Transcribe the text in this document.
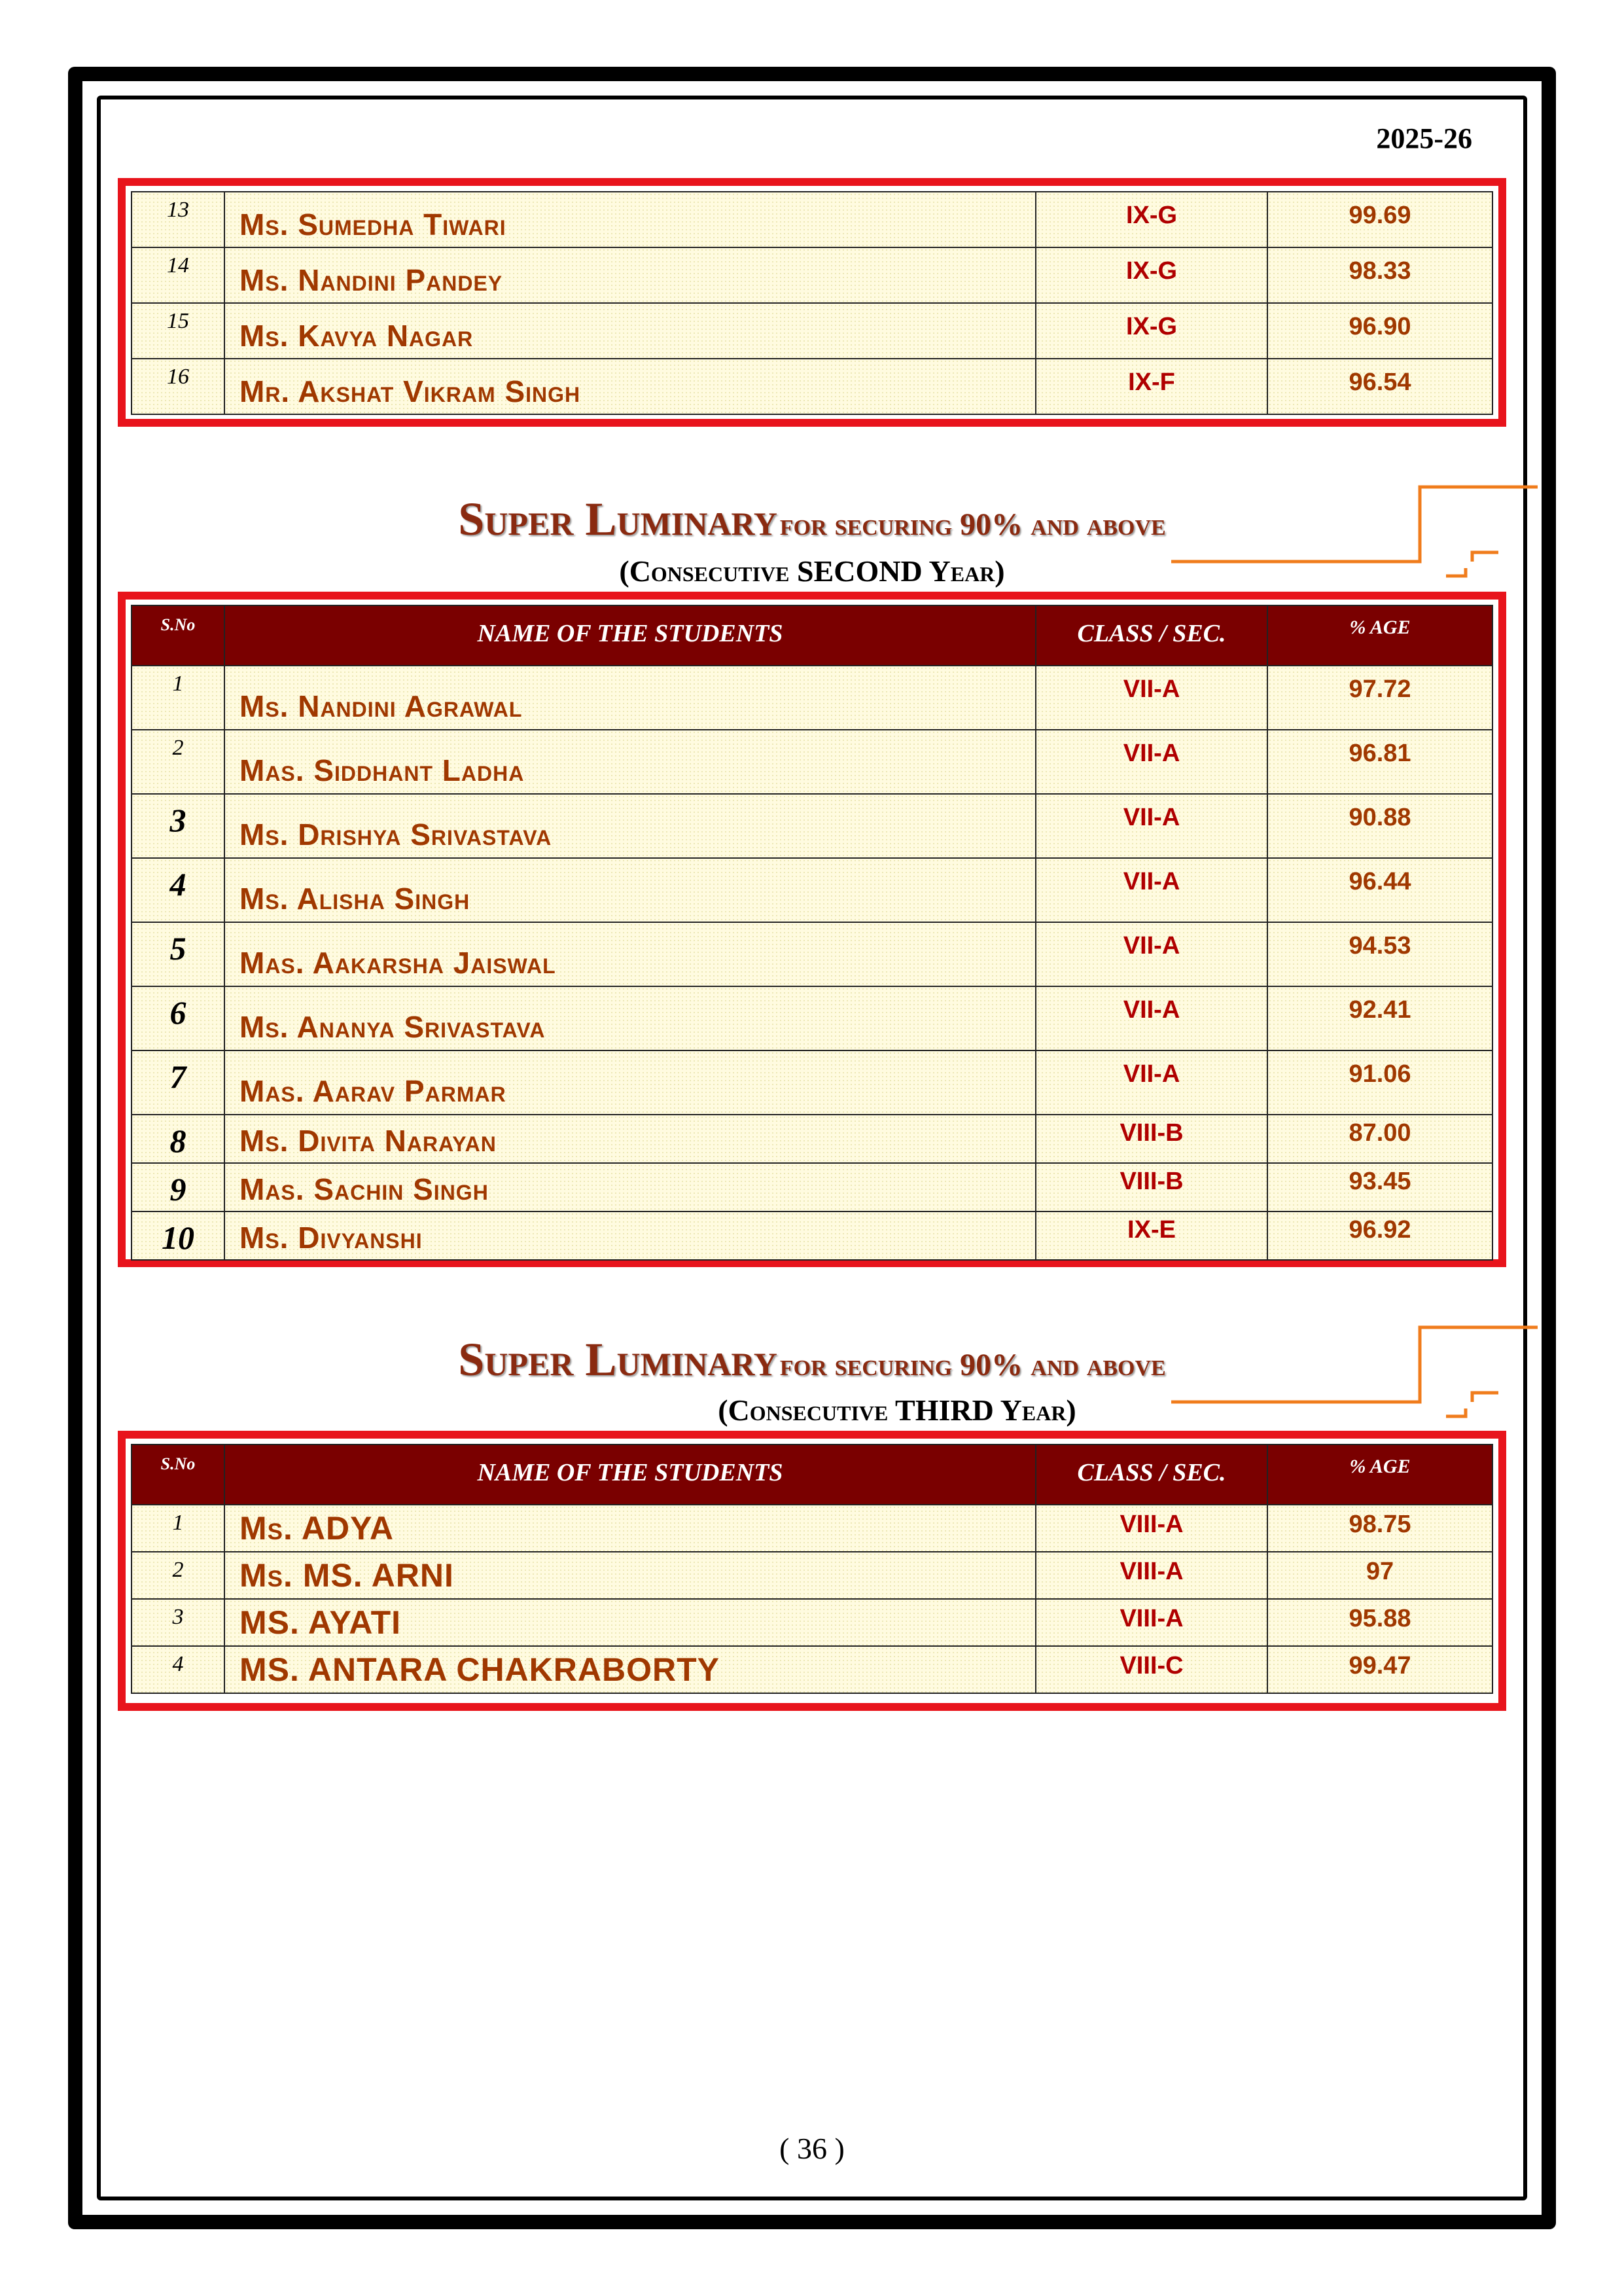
2025-26
13	Ms. Sumedha Tiwari	IX-G	99.69
14	Ms. Nandini Pandey	IX-G	98.33
15	Ms. Kavya Nagar	IX-G	96.90
16	Mr. Akshat Vikram Singh	IX-F	96.54
Super Luminary for securing 90% and above
(Consecutive SECOND Year)
S.No	NAME OF THE STUDENTS	CLASS / SEC.	% AGE
1	Ms. Nandini Agrawal	VII-A	97.72
2	Mas. Siddhant Ladha	VII-A	96.81
3	Ms. Drishya Srivastava	VII-A	90.88
4	Ms. Alisha Singh	VII-A	96.44
5	Mas. Aakarsha Jaiswal	VII-A	94.53
6	Ms. Ananya Srivastava	VII-A	92.41
7	Mas. Aarav Parmar	VII-A	91.06
8	Ms. Divita Narayan	VIII-B	87.00
9	Mas. Sachin Singh	VIII-B	93.45
10	Ms. Divyanshi	IX-E	96.92
Super Luminary for securing 90% and above
(Consecutive THIRD Year)
S.No	NAME OF THE STUDENTS	CLASS / SEC.	% AGE
1	Ms. ADYA	VIII-A	98.75
2	Ms. MS. ARNI	VIII-A	97
3	MS. AYATI	VIII-A	95.88
4	MS. ANTARA CHAKRABORTY	VIII-C	99.47
( 36 )
